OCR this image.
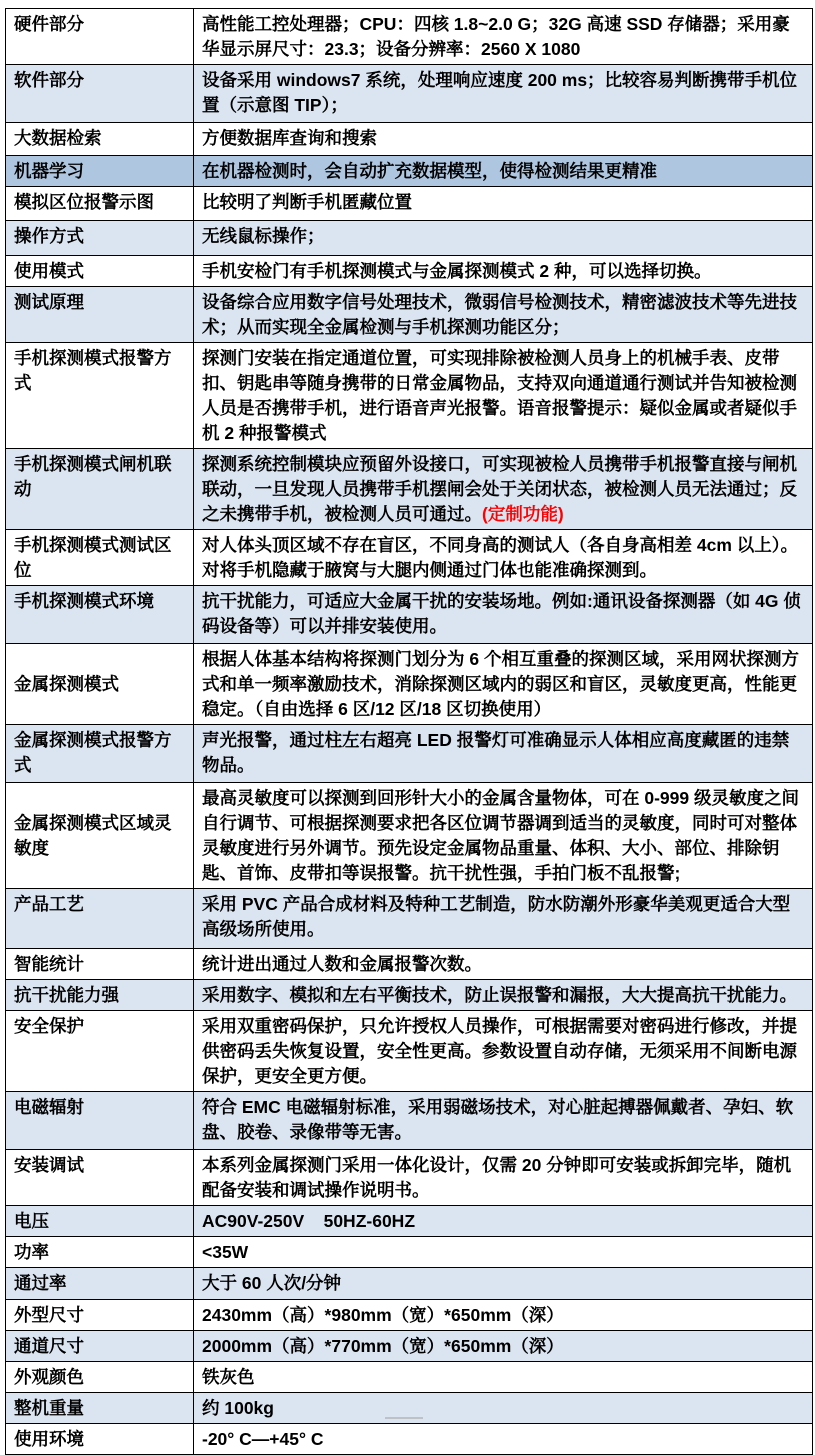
硬件部分	高性能工控处理器；CPU：四核 1.8~2.0 G；32G 高速 SSD 存储器；采用豪华显示屏尺寸：23.3；设备分辨率：2560 X 1080
软件部分	设备采用 windows7 系统，处理响应速度 200 ms；比较容易判断携带手机位置（示意图 TIP）；
大数据检索	方便数据库查询和搜索
机器学习	在机器检测时，会自动扩充数据模型，使得检测结果更精准
模拟区位报警示图	比较明了判断手机匿藏位置
操作方式	无线鼠标操作；
使用模式	手机安检门有手机探测模式与金属探测模式 2 种，可以选择切换。
测试原理	设备综合应用数字信号处理技术，微弱信号检测技术，精密滤波技术等先进技术；从而实现全金属检测与手机探测功能区分；
手机探测模式报警方式	探测门安装在指定通道位置，可实现排除被检测人员身上的机械手表、皮带扣、钥匙串等随身携带的日常金属物品，支持双向通道通行测试并告知被检测人员是否携带手机，进行语音声光报警。语音报警提示：疑似金属或者疑似手机 2 种报警模式
手机探测模式闸机联动	探测系统控制模块应预留外设接口，可实现被检人员携带手机报警直接与闸机联动，一旦发现人员携带手机摆闸会处于关闭状态，被检测人员无法通过；反之未携带手机，被检测人员可通过。(定制功能)
手机探测模式测试区位	对人体头顶区域不存在盲区，不同身高的测试人（各自身高相差 4cm 以上）。对将手机隐藏于腋窝与大腿内侧通过门体也能准确探测到。
手机探测模式环境	抗干扰能力，可适应大金属干扰的安装场地。例如:通讯设备探测器（如 4G 侦码设备等）可以并排安装使用。
金属探测模式	根据人体基本结构将探测门划分为 6 个相互重叠的探测区域，采用网状探测方式和单一频率激励技术，消除探测区域内的弱区和盲区，灵敏度更高，性能更稳定。（自由选择 6 区/12 区/18 区切换使用）
金属探测模式报警方式	声光报警，通过柱左右超亮 LED 报警灯可准确显示人体相应高度藏匿的违禁物品。
金属探测模式区域灵敏度	最高灵敏度可以探测到回形针大小的金属含量物体，可在 0-999 级灵敏度之间自行调节、可根据探测要求把各区位调节器调到适当的灵敏度，同时可对整体灵敏度进行另外调节。预先设定金属物品重量、体积、大小、部位、排除钥匙、首饰、皮带扣等误报警。抗干扰性强，手拍门板不乱报警;
产品工艺	采用 PVC 产品合成材料及特种工艺制造，防水防潮外形豪华美观更适合大型高级场所使用。
智能统计	统计进出通过人数和金属报警次数。
抗干扰能力强	采用数字、模拟和左右平衡技术，防止误报警和漏报，大大提高抗干扰能力。
安全保护	采用双重密码保护，只允许授权人员操作，可根据需要对密码进行修改，并提供密码丢失恢复设置，安全性更高。参数设置自动存储，无须采用不间断电源保护，更安全更方便。
电磁辐射	符合 EMC 电磁辐射标准，采用弱磁场技术，对心脏起搏器佩戴者、孕妇、软盘、胶卷、录像带等无害。
安装调试	本系列金属探测门采用一体化设计，仅需 20 分钟即可安装或拆卸完毕，随机配备安装和调试操作说明书。
电压	AC90V-250V    50HZ-60HZ
功率	<35W
通过率	大于 60 人次/分钟
外型尺寸	2430mm（高）*980mm（宽）*650mm（深）
通道尺寸	2000mm（高）*770mm（宽）*650mm（深）
外观颜色	铁灰色
整机重量	约 100kg
使用环境	-20° C—+45° C
